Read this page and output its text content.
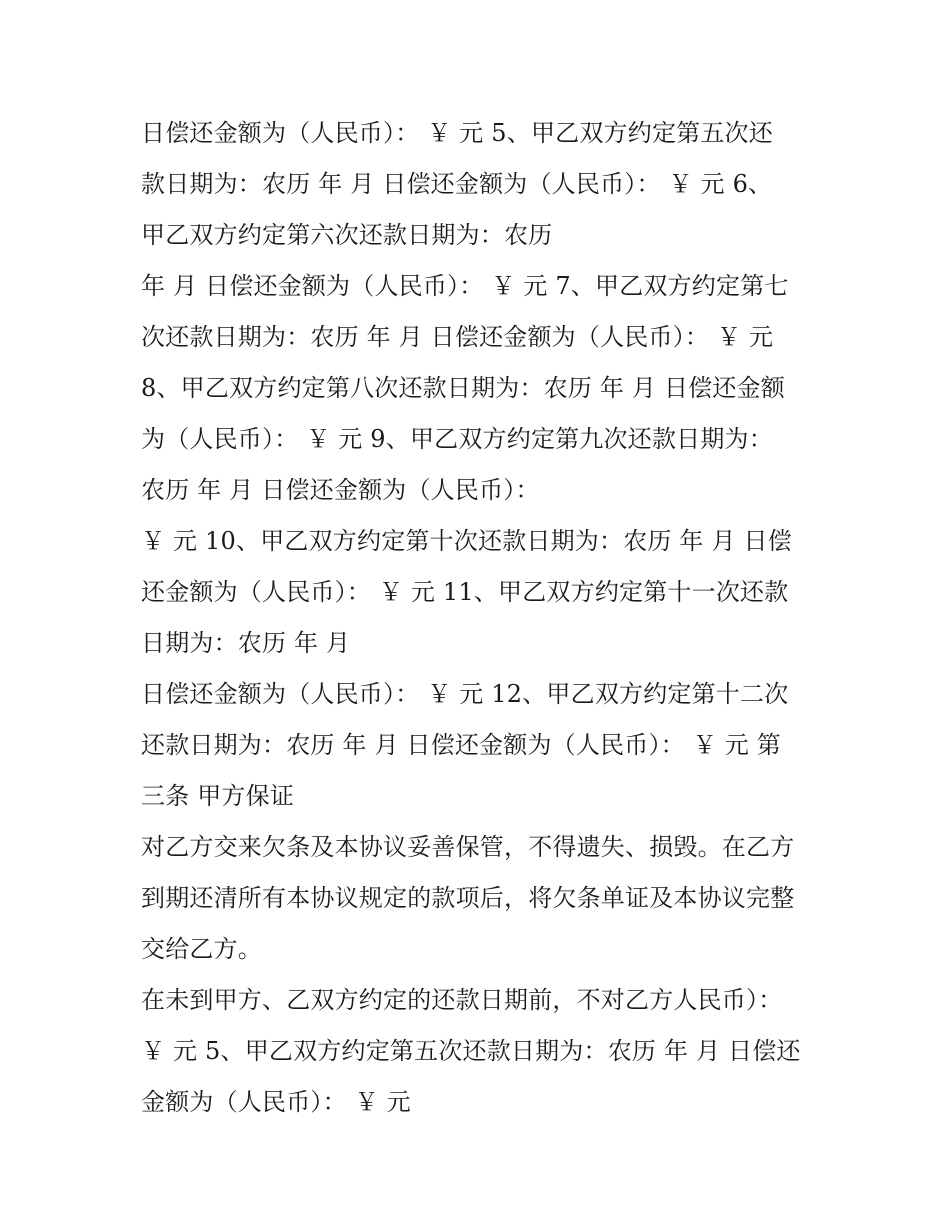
日偿还金额为（人民币）： ￥ 元 5、甲乙双方约定第五次还
款日期为：农历 年 月 日偿还金额为（人民币）： ￥ 元 6、
甲乙双方约定第六次还款日期为：农历
年 月 日偿还金额为（人民币）： ￥ 元 7、甲乙双方约定第七
次还款日期为：农历 年 月 日偿还金额为（人民币）： ￥ 元
8、甲乙双方约定第八次还款日期为：农历 年 月 日偿还金额
为（人民币）： ￥ 元 9、甲乙双方约定第九次还款日期为：
农历 年 月 日偿还金额为（人民币）：
￥ 元 10、甲乙双方约定第十次还款日期为：农历 年 月 日偿
还金额为（人民币）： ￥ 元 11、甲乙双方约定第十一次还款
日期为：农历 年 月
日偿还金额为（人民币）： ￥ 元 12、甲乙双方约定第十二次
还款日期为：农历 年 月 日偿还金额为（人民币）： ￥ 元 第
三条 甲方保证
对乙方交来欠条及本协议妥善保管，不得遗失、损毁。在乙方
到期还清所有本协议规定的款项后，将欠条单证及本协议完整
交给乙方。
在未到甲方、乙双方约定的还款日期前，不对乙方人民币）：
￥ 元 5、甲乙双方约定第五次还款日期为：农历 年 月 日偿还
金额为（人民币）： ￥ 元
